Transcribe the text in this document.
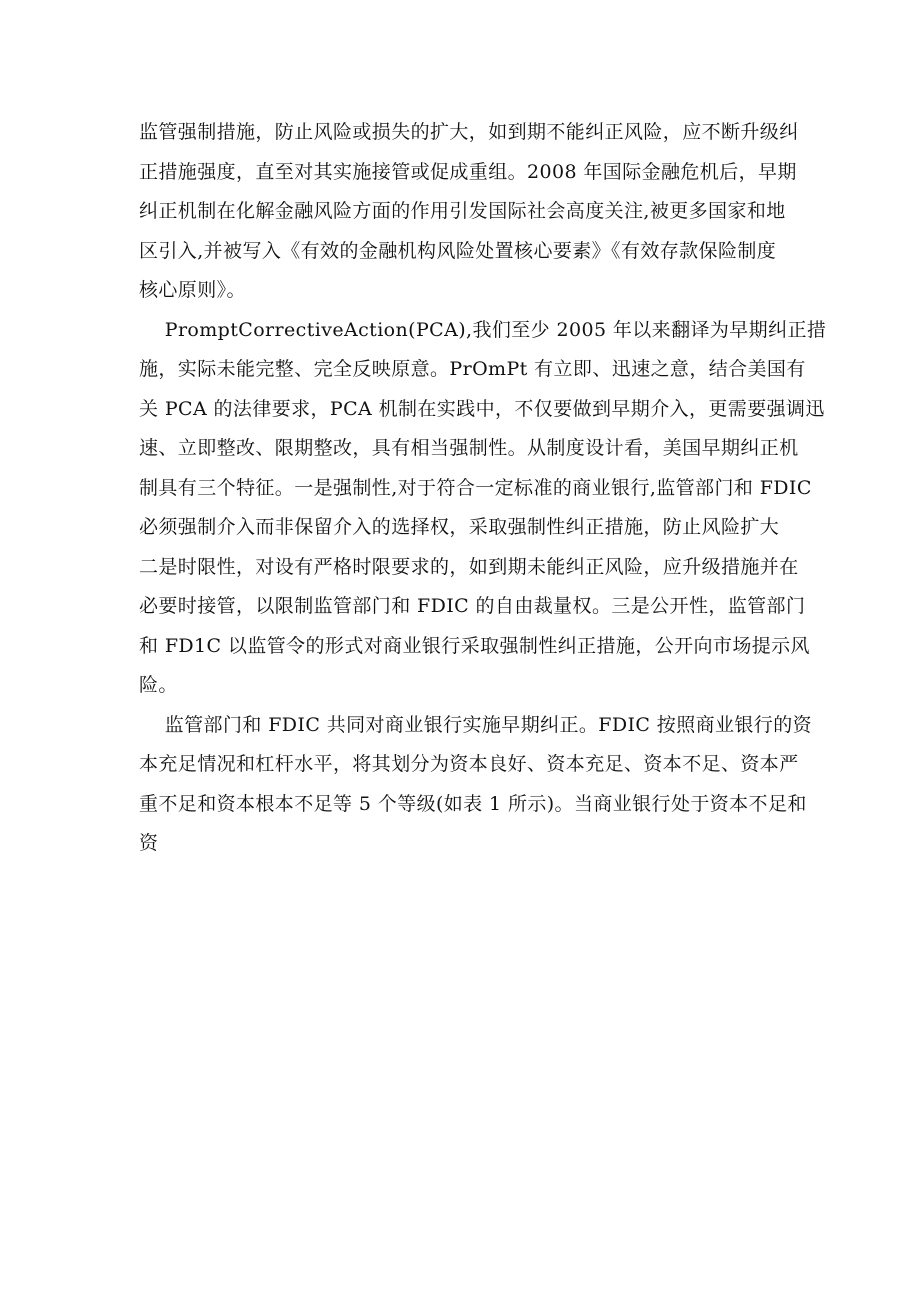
监管强制措施，防止风险或损失的扩大，如到期不能纠正风险，应不断升级纠
正措施强度，直至对其实施接管或促成重组。2008 年国际金融危机后，早期
纠正机制在化解金融风险方面的作用引发国际社会高度关注,被更多国家和地
区引入,并被写入《有效的金融机构风险处置核心要素》《有效存款保险制度
核心原则》。
PromptCorrectiveAction(PCA),我们至少 2005 年以来翻译为早期纠正措
施，实际未能完整、完全反映原意。PrOmPt 有立即、迅速之意，结合美国有
关 PCA 的法律要求，PCA 机制在实践中，不仅要做到早期介入，更需要强调迅
速、立即整改、限期整改，具有相当强制性。从制度设计看，美国早期纠正机
制具有三个特征。一是强制性,对于符合一定标准的商业银行,监管部门和 FDIC
必须强制介入而非保留介入的选择权，采取强制性纠正措施，防止风险扩大
二是时限性，对设有严格时限要求的，如到期未能纠正风险，应升级措施并在
必要时接管，以限制监管部门和 FDIC 的自由裁量权。三是公开性，监管部门
和 FD1C 以监管令的形式对商业银行采取强制性纠正措施，公开向市场提示风
险。
监管部门和 FDIC 共同对商业银行实施早期纠正。FDIC 按照商业银行的资
本充足情况和杠杆水平，将其划分为资本良好、资本充足、资本不足、资本严
重不足和资本根本不足等 5 个等级(如表 1 所示)。当商业银行处于资本不足和
资
